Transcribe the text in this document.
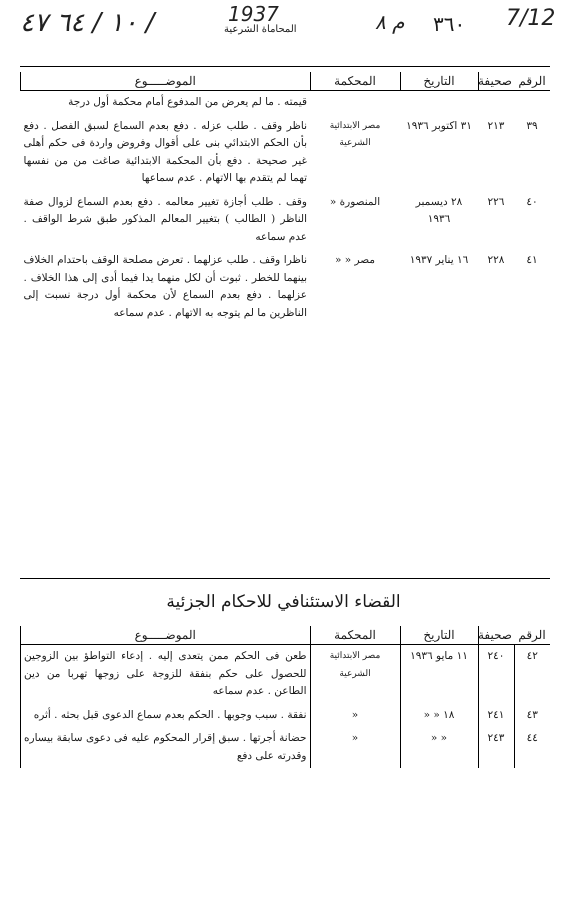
١٠ / ٦٤ ٤٧ /	1937	م ٨	7/12
المحاماة الشرعية	٣٦٠
الرقم	صحيفة	التاريخ	المحكمة	الموضـــــوع
				قيمته . ما لم يعرض من المدفوع أمام محكمة أول درجة
٣٩	٢١٣	٣١ اكتوبر ١٩٣٦	مصر الابتدائية الشرعية	ناظر وقف . طلب عزله . دفع بعدم السماع لسبق الفصل . دفع بأن الحكم الابتدائي بنى على أقوال وفروض واردة فى حكم أهلى غير صحيحة . دفع بأن المحكمة الابتدائية صاغت من من نفسها تهما لم يتقدم بها الاتهام . عدم سماعها
٤٠	٢٢٦	٢٨ ديسمبر ١٩٣٦	المنصورة «	وقف . طلب أجازة تغيير معالمه . دفع بعدم السماع لزوال صفة الناظر ( الطالب ) بتغيير المعالم المذكور طبق شرط الواقف . عدم سماعه
٤١	٢٢٨	١٦ يناير ١٩٣٧	مصر « «	ناظرا وقف . طلب عزلهما . تعرض مصلحة الوقف باحتدام الخلاف بينهما للخطر . ثبوت أن لكل منهما يدا فيما أدى إلى هذا الخلاف . عزلهما . دفع بعدم السماع لأن محكمة أول درجة نسبت إلى الناظرين ما لم يتوجه به الاتهام . عدم سماعه
القضاء الاستئنافي للاحكام الجزئية
الرقم	صحيفة	التاريخ	المحكمة	الموضـــــوع
٤٢	٢٤٠	١١ مايو ١٩٣٦	مصر الابتدائية الشرعية	طعن فى الحكم ممن يتعدى إليه . إدعاء التواطؤ بين الزوجين للحصول على حكم بنفقة للزوجة على زوجها تهربا من دين الطاعن . عدم سماعه
٤٣	٢٤١	١٨ « «	«	نفقة . سبب وجوبها . الحكم بعدم سماع الدعوى قبل بحثه . أثره
٤٤	٢٤٣	« «	«	حضانة أجرتها . سبق إقرار المحكوم عليه فى دعوى سابقة بيساره وقدرته على دفع
